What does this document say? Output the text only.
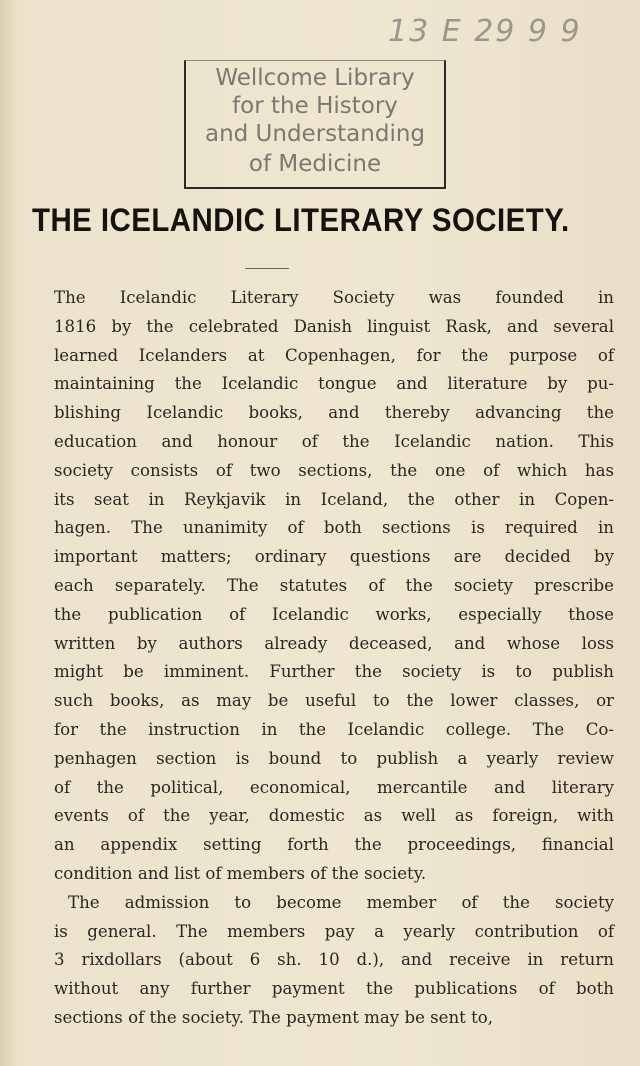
13 E 29 9 9
Wellcome Library
for the History
and Understanding
of Medicine
THE ICELANDIC LITERARY SOCIETY.
The Icelandic Literary Society was founded in
1816 by the celebrated Danish linguist Rask, and several
learned Icelanders at Copenhagen, for the purpose of
maintaining the Icelandic tongue and literature by pu-
blishing Icelandic books, and thereby advancing the
education and honour of the Icelandic nation. This
society consists of two sections, the one of which has
its seat in Reykjavik in Iceland, the other in Copen-
hagen. The unanimity of both sections is required in
important matters; ordinary questions are decided by
each separately. The statutes of the society prescribe
the publication of Icelandic works, especially those
written by authors already deceased, and whose loss
might be imminent. Further the society is to publish
such books, as may be useful to the lower classes, or
for the instruction in the Icelandic college. The Co-
penhagen section is bound to publish a yearly review
of the political, economical, mercantile and literary
events of the year, domestic as well as foreign, with
an appendix setting forth the proceedings, financial
condition and list of members of the society.
The admission to become member of the society
is general. The members pay a yearly contribution of
3 rixdollars (about 6 sh. 10 d.), and receive in return
without any further payment the publications of both
sections of the society. The payment may be sent to,
